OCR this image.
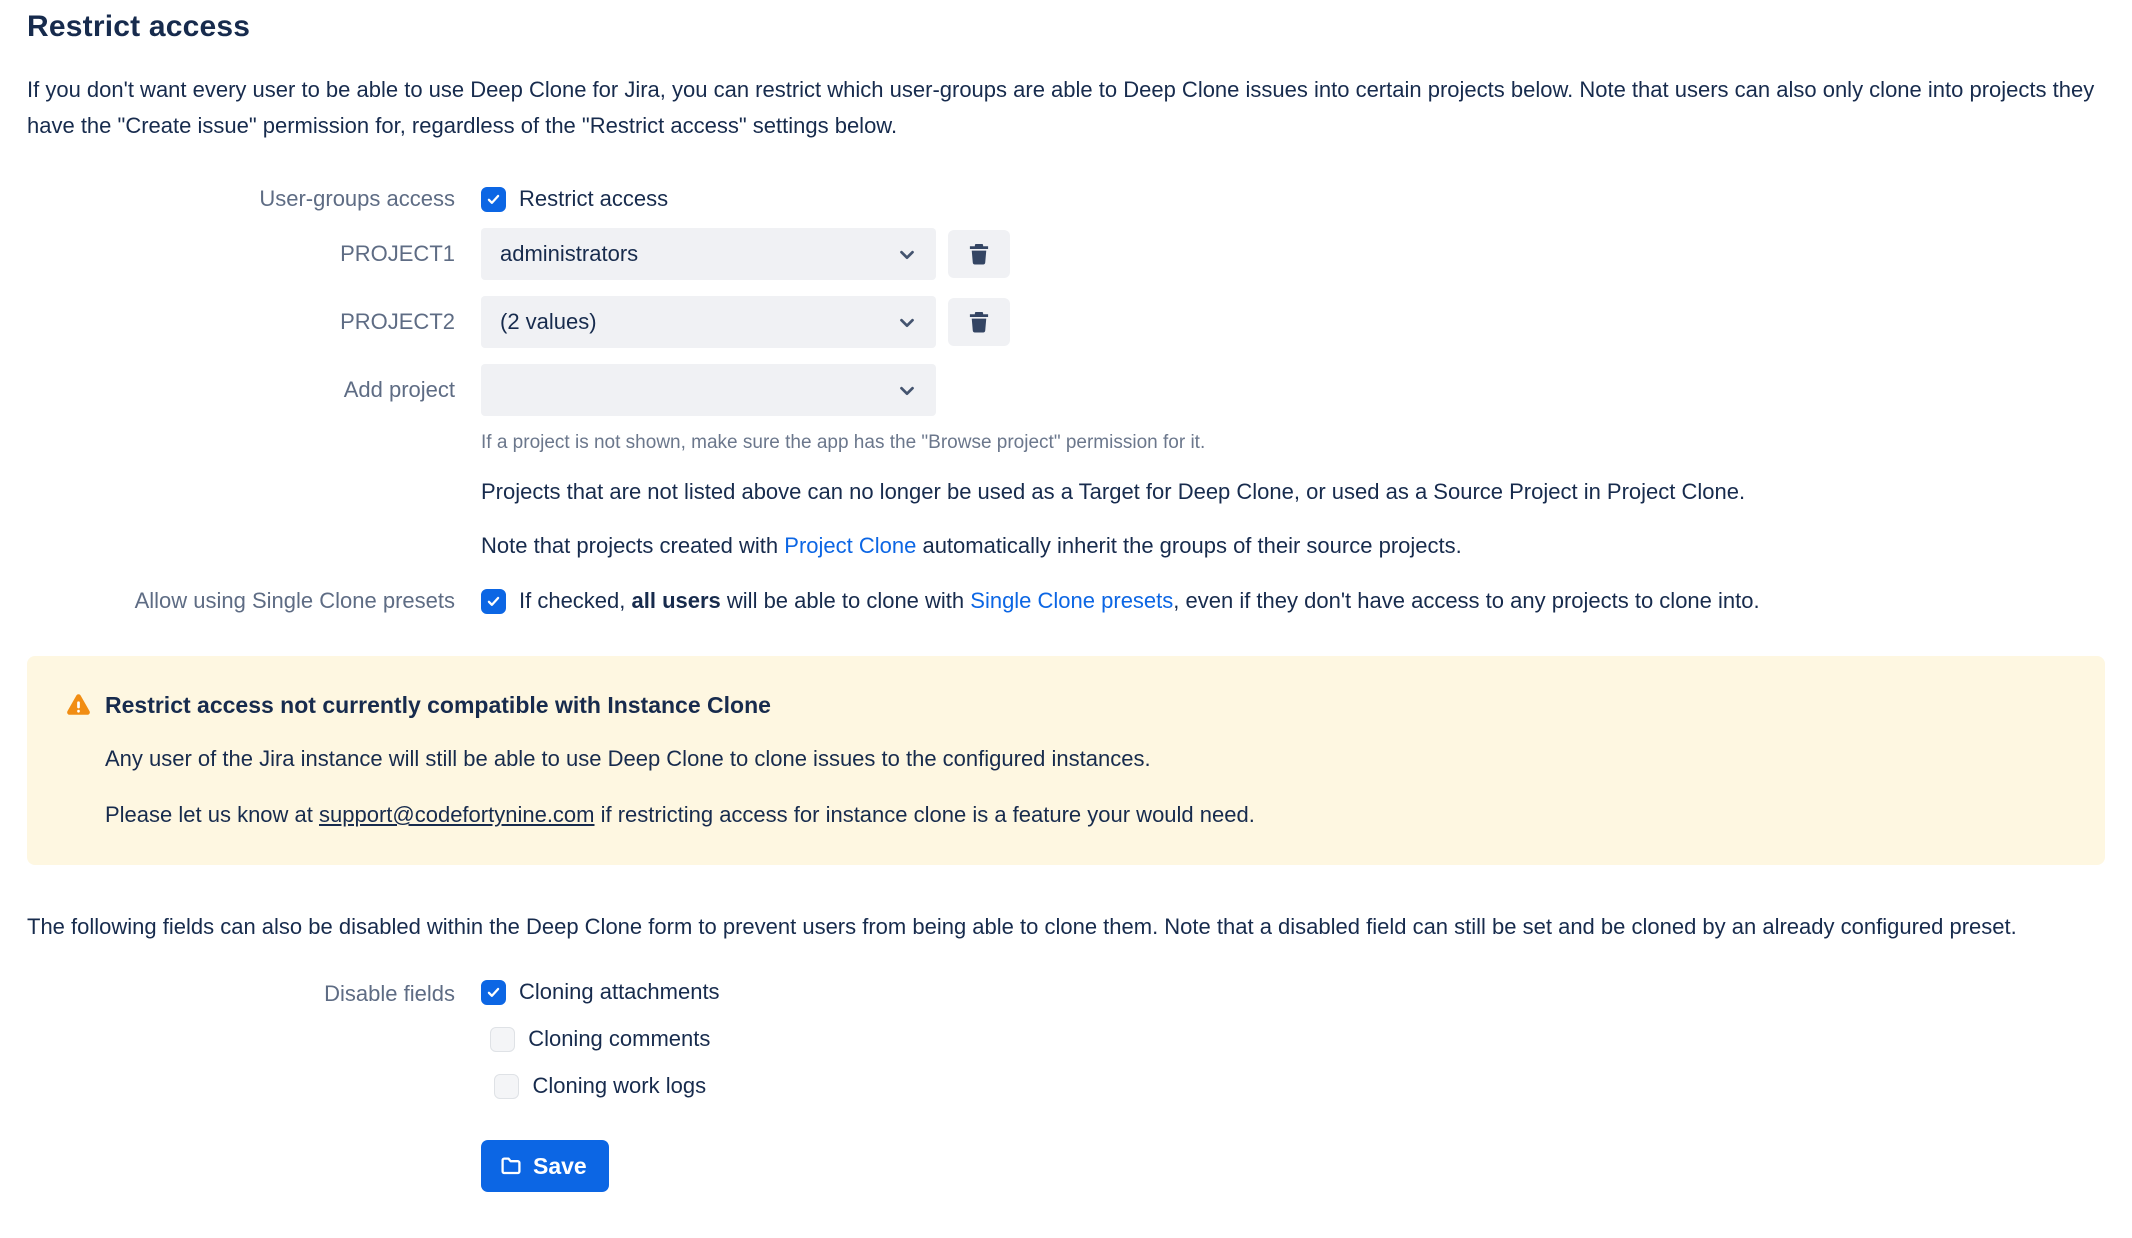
Restrict access

If you don't want every user to be able to use Deep Clone for Jira, you can restrict which user-groups are able to Deep Clone issues into certain projects below. Note that users can also only clone into projects they have the "Create issue" permission for, regardless of the "Restrict access" settings below.

User-groups access	Restrict access
PROJECT1 administrators
PROJECT2 (2 values)
Add project
If a project is not shown, make sure the app has the "Browse project" permission for it.

Projects that are not listed above can no longer be used as a Target for Deep Clone, or used as a Source Project in Project Clone.

Note that projects created with Project Clone automatically inherit the groups of their source projects.

Allow using Single Clone presets	If checked, all users will be able to clone with Single Clone presets, even if they don't have access to any projects to clone into.
Restrict access not currently compatible with Instance Clone

Any user of the Jira instance will still be able to use Deep Clone to clone issues to the configured instances.

Please let us know at support@codefortynine.com if restricting access for instance clone is a feature your would need.

The following fields can also be disabled within the Deep Clone form to prevent users from being able to clone them. Note that a disabled field can still be set and be cloned by an already configured preset.

Disable fields	Cloning attachments
Cloning comments
Cloning work logs
Save
